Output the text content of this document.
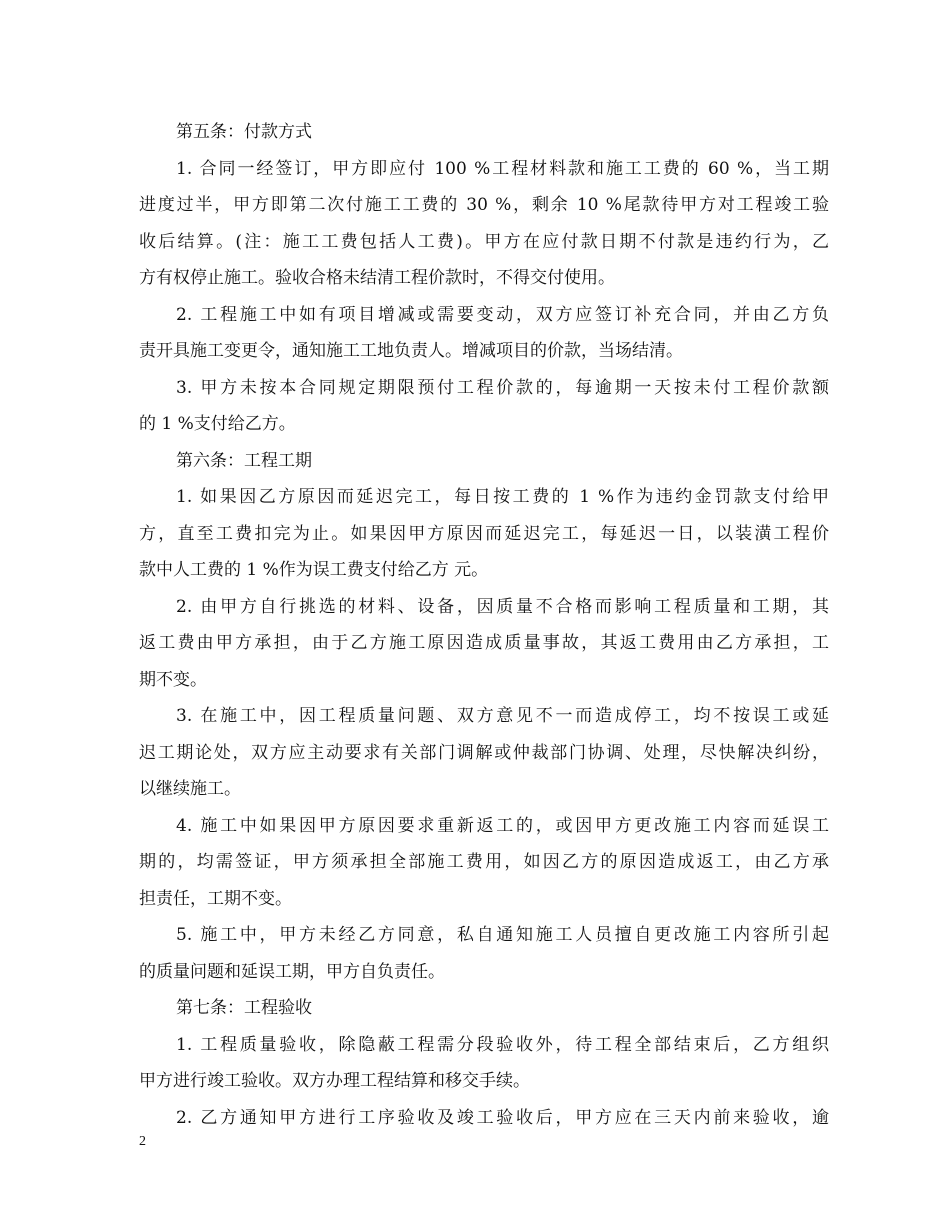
第五条：付款方式
1. 合同一经签订，甲方即应付 100 %工程材料款和施工工费的 60 %，当工期
进度过半，甲方即第二次付施工工费的 30 %，剩余 10 %尾款待甲方对工程竣工验
收后结算。(注：施工工费包括人工费)。甲方在应付款日期不付款是违约行为，乙
方有权停止施工。验收合格未结清工程价款时，不得交付使用。
2. 工程施工中如有项目增减或需要变动，双方应签订补充合同，并由乙方负
责开具施工变更令，通知施工工地负责人。增减项目的价款，当场结清。
3. 甲方未按本合同规定期限预付工程价款的，每逾期一天按未付工程价款额
的 1 %支付给乙方。
第六条：工程工期
1. 如果因乙方原因而延迟完工，每日按工费的 1 %作为违约金罚款支付给甲
方，直至工费扣完为止。如果因甲方原因而延迟完工，每延迟一日，以装潢工程价
款中人工费的 1 %作为误工费支付给乙方 元。
2. 由甲方自行挑选的材料、设备，因质量不合格而影响工程质量和工期，其
返工费由甲方承担，由于乙方施工原因造成质量事故，其返工费用由乙方承担，工
期不变。
3. 在施工中，因工程质量问题、双方意见不一而造成停工，均不按误工或延
迟工期论处，双方应主动要求有关部门调解或仲裁部门协调、处理，尽快解决纠纷，
以继续施工。
4. 施工中如果因甲方原因要求重新返工的，或因甲方更改施工内容而延误工
期的，均需签证，甲方须承担全部施工费用，如因乙方的原因造成返工，由乙方承
担责任，工期不变。
5. 施工中，甲方未经乙方同意，私自通知施工人员擅自更改施工内容所引起
的质量问题和延误工期，甲方自负责任。
第七条：工程验收
1. 工程质量验收，除隐蔽工程需分段验收外，待工程全部结束后，乙方组织
甲方进行竣工验收。双方办理工程结算和移交手续。
2. 乙方通知甲方进行工序验收及竣工验收后，甲方应在三天内前来验收，逾
2
